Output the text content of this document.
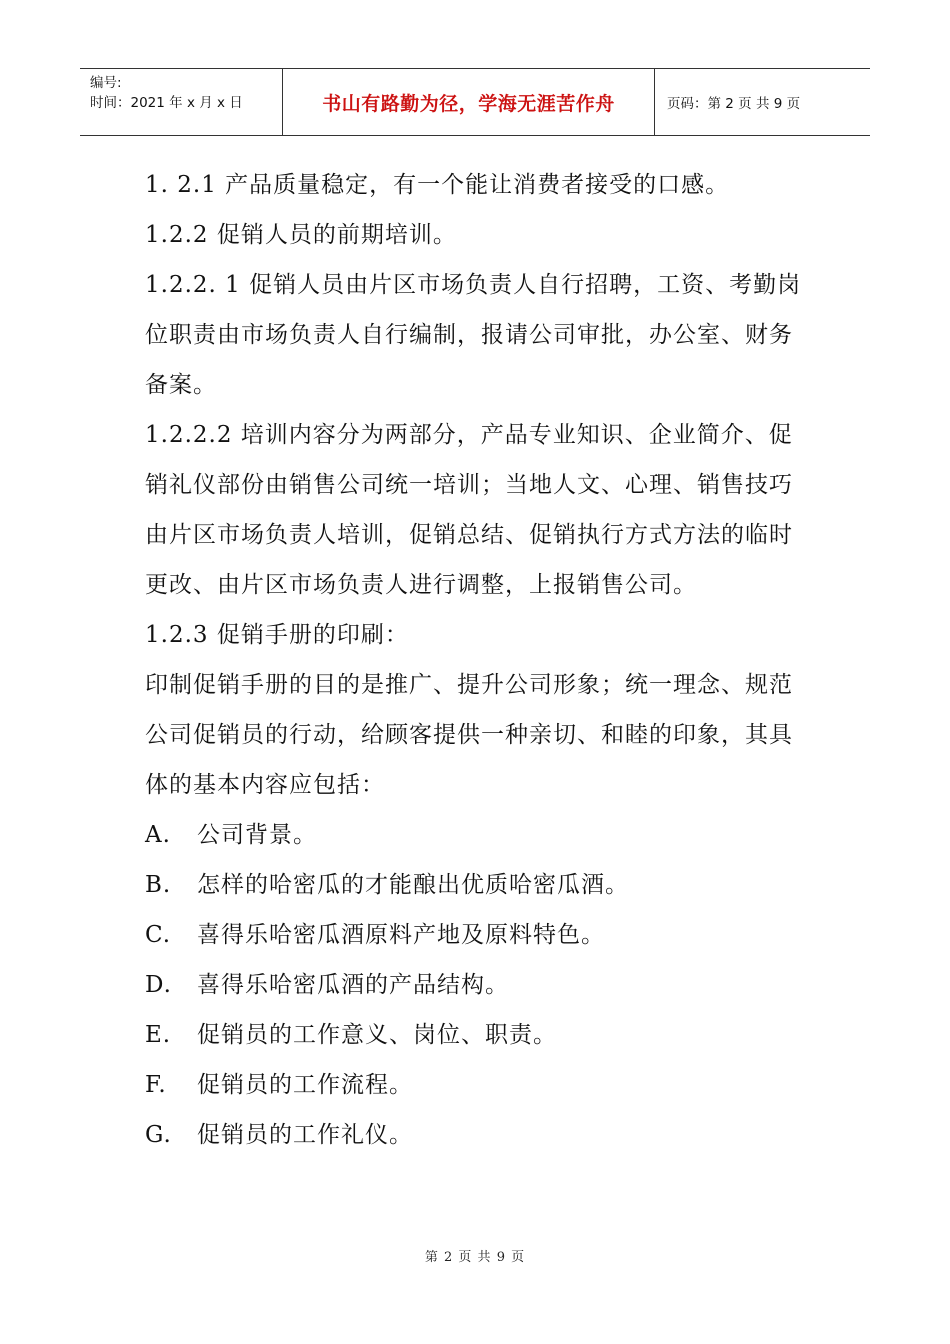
编号:
时间：2021 年 x 月 x 日	书山有路勤为径，学海无涯苦作舟	页码：第 2 页 共 9 页

1. 2.1 产品质量稳定，有一个能让消费者接受的口感。

1.2.2 促销人员的前期培训。

1.2.2. 1 促销人员由片区市场负责人自行招聘，工资、考勤岗位职责由市场负责人自行编制，报请公司审批，办公室、财务备案。

1.2.2.2 培训内容分为两部分，产品专业知识、企业简介、促销礼仪部份由销售公司统一培训；当地人文、心理、销售技巧由片区市场负责人培训，促销总结、促销执行方式方法的临时更改、由片区市场负责人进行调整，上报销售公司。

1.2.3 促销手册的印刷：

印制促销手册的目的是推广、提升公司形象；统一理念、规范公司促销员的行动，给顾客提供一种亲切、和睦的印象，其具体的基本内容应包括：

A.	公司背景。
B.	怎样的哈密瓜的才能酿出优质哈密瓜酒。
C.	喜得乐哈密瓜酒原料产地及原料特色。
D.	喜得乐哈密瓜酒的产品结构。
E.	促销员的工作意义、岗位、职责。
F.	促销员的工作流程。
G.	促销员的工作礼仪。
第 2 页 共 9 页
